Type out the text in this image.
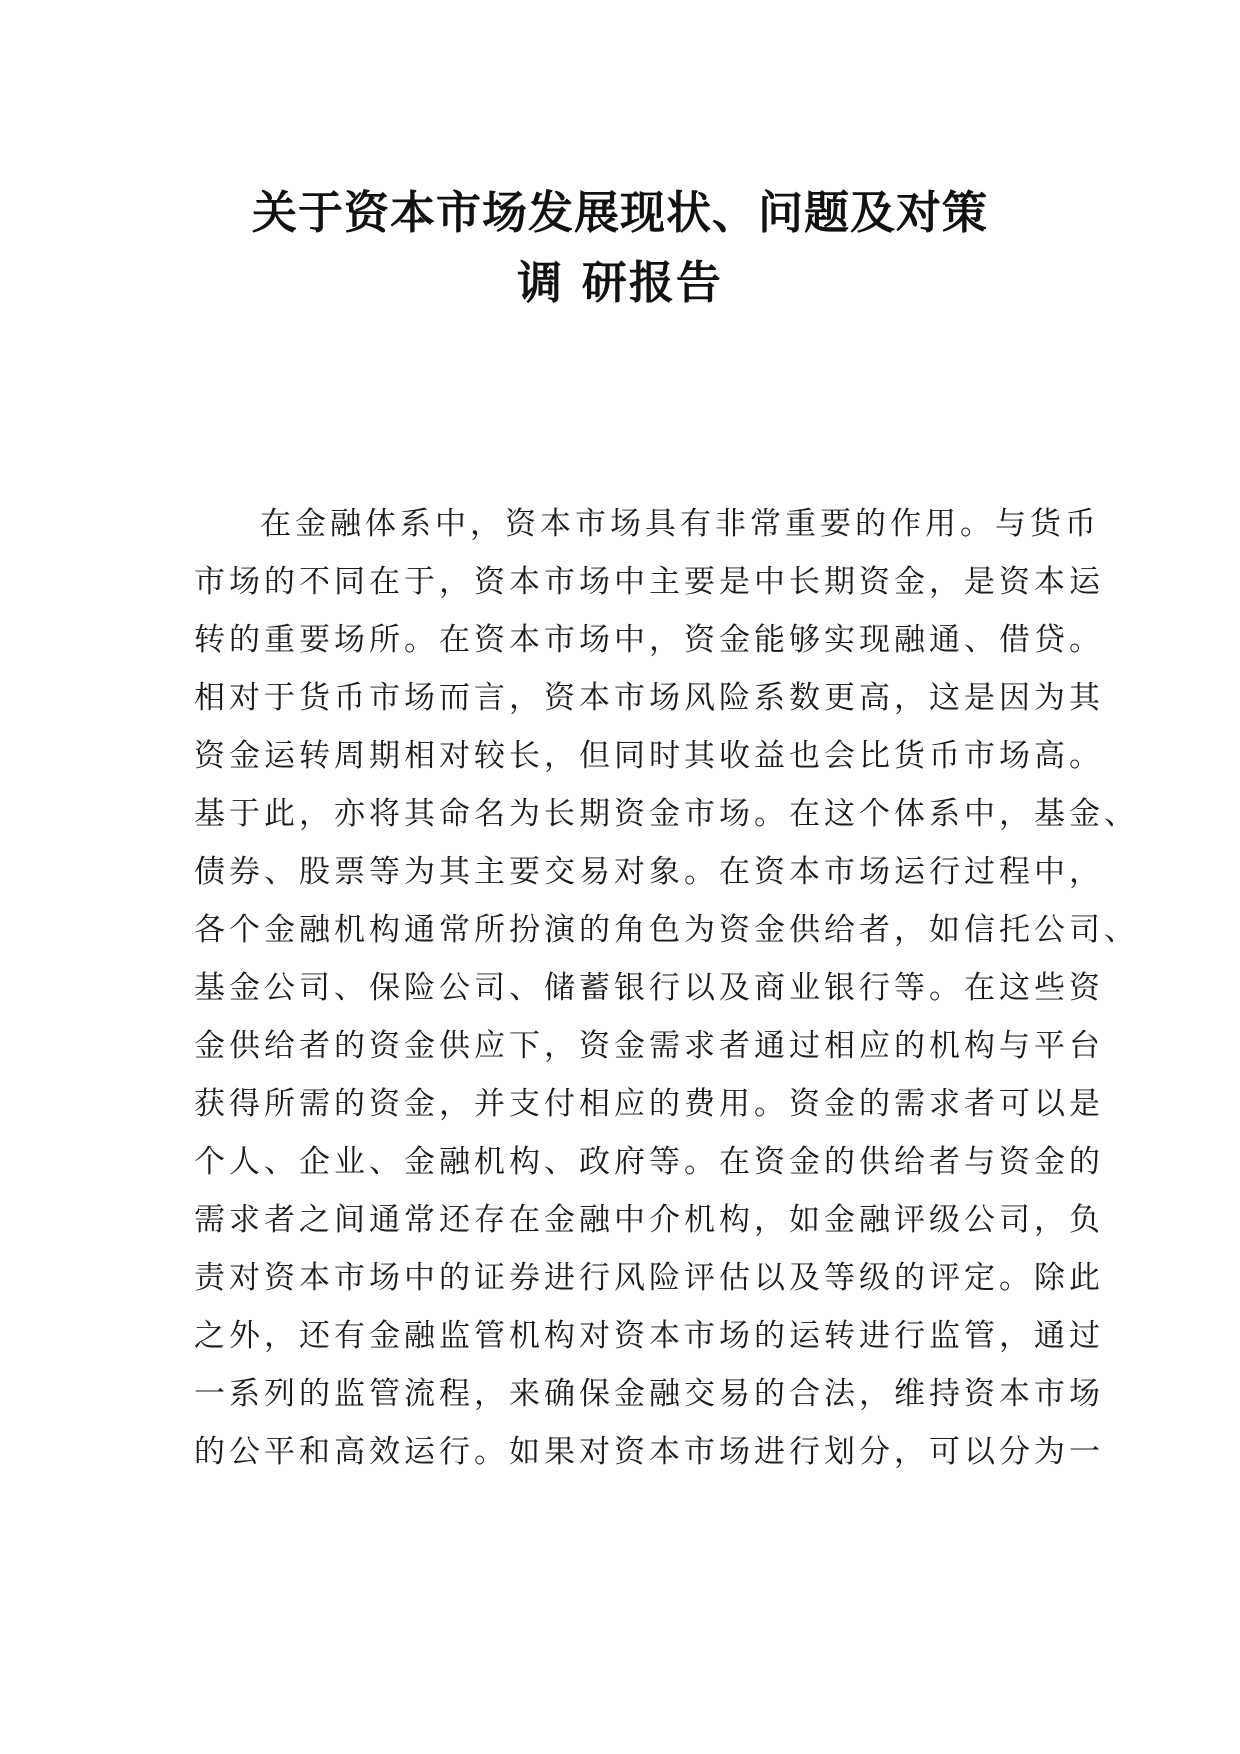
关于资本市场发展现状、问题及对策
调 研报告
在金融体系中，资本市场具有非常重要的作用。与货币
市场的不同在于，资本市场中主要是中长期资金，是资本运
转的重要场所。在资本市场中，资金能够实现融通、借贷。
相对于货币市场而言，资本市场风险系数更高，这是因为其
资金运转周期相对较长，但同时其收益也会比货币市场高。
基于此，亦将其命名为长期资金市场。在这个体系中，基金、
债券、股票等为其主要交易对象。在资本市场运行过程中，
各个金融机构通常所扮演的角色为资金供给者，如信托公司、
基金公司、保险公司、储蓄银行以及商业银行等。在这些资
金供给者的资金供应下，资金需求者通过相应的机构与平台
获得所需的资金，并支付相应的费用。资金的需求者可以是
个人、企业、金融机构、政府等。在资金的供给者与资金的
需求者之间通常还存在金融中介机构，如金融评级公司，负
责对资本市场中的证券进行风险评估以及等级的评定。除此
之外，还有金融监管机构对资本市场的运转进行监管，通过
一系列的监管流程，来确保金融交易的合法，维持资本市场
的公平和高效运行。如果对资本市场进行划分，可以分为一
